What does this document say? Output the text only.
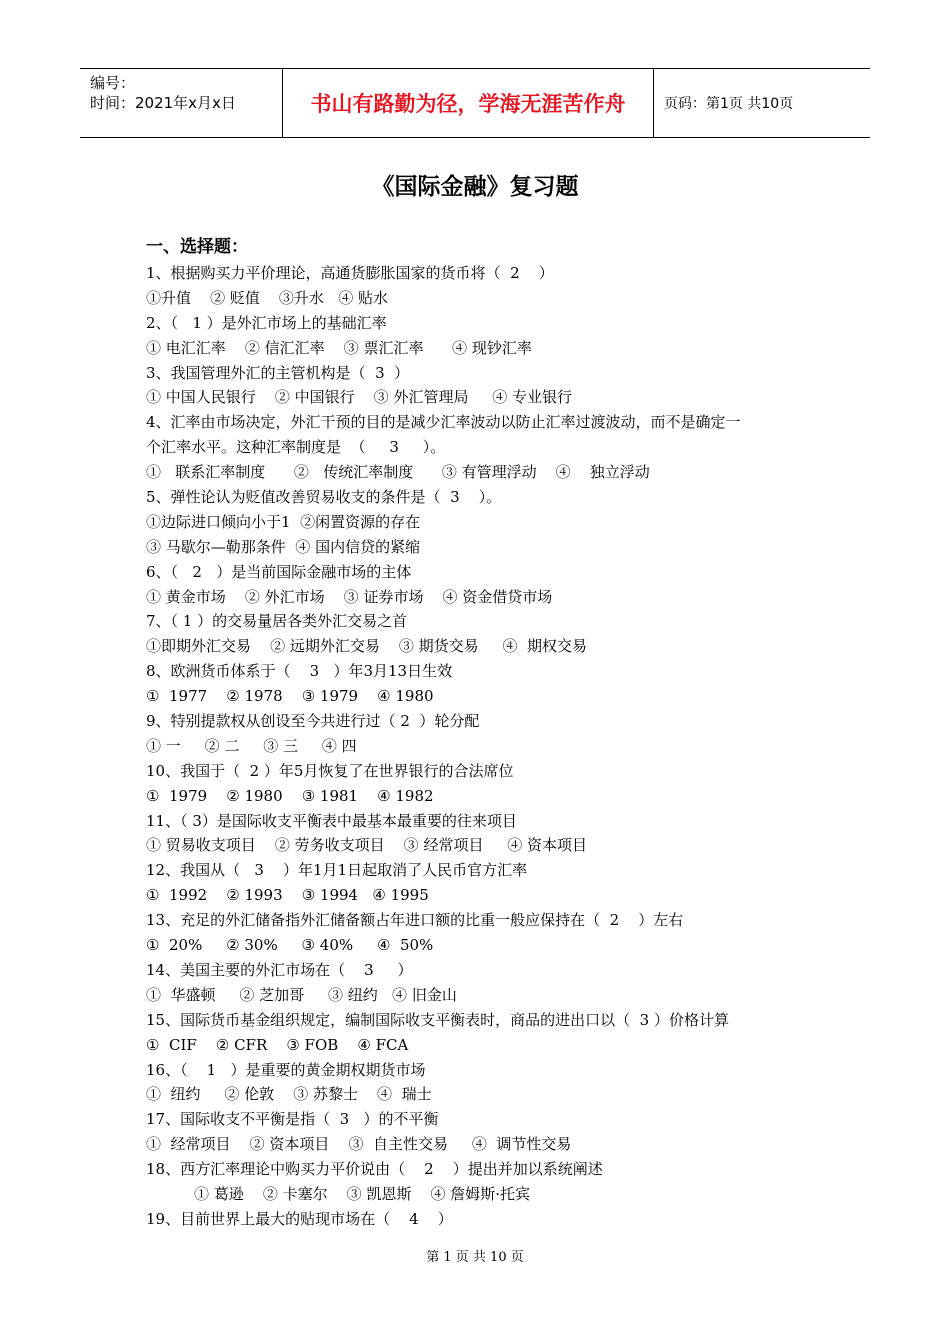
编号：
时间：2021年x月x日	书山有路勤为径，学海无涯苦作舟	页码：第1页 共10页
《国际金融》复习题
一、选择题：
1、根据购买力平价理论，高通货膨胀国家的货币将（  2    ）
①升值    ② 贬值    ③升水   ④ 贴水
2、（   1 ）是外汇市场上的基础汇率
① 电汇汇率    ② 信汇汇率    ③ 票汇汇率      ④ 现钞汇率
3、我国管理外汇的主管机构是（  3  ）
① 中国人民银行    ② 中国银行    ③ 外汇管理局     ④ 专业银行
4、汇率由市场决定，外汇干预的目的是减少汇率波动以防止汇率过渡波动，而不是确定一
个汇率水平。这种汇率制度是  （     3     ）。
①   联系汇率制度      ②   传统汇率制度      ③ 有管理浮动    ④    独立浮动
5、弹性论认为贬值改善贸易收支的条件是（  3    ）。
①边际进口倾向小于1  ②闲置资源的存在
③ 马歇尔—勒那条件  ④ 国内信贷的紧缩
6、（   2   ）是当前国际金融市场的主体
① 黄金市场    ② 外汇市场    ③ 证券市场    ④ 资金借贷市场
7、（ 1 ）的交易量居各类外汇交易之首
①即期外汇交易    ② 远期外汇交易    ③ 期货交易     ④  期权交易
8、欧洲货币体系于（    3   ）年3月13日生效
①  1977    ② 1978    ③ 1979    ④ 1980
9、特别提款权从创设至今共进行过（ 2  ）轮分配
① 一     ② 二     ③ 三     ④ 四
10、我国于（  2 ）年5月恢复了在世界银行的合法席位
①  1979    ② 1980    ③ 1981    ④ 1982
11、（ 3）是国际收支平衡表中最基本最重要的往来项目
① 贸易收支项目    ② 劳务收支项目    ③ 经常项目     ④ 资本项目
12、我国从（   3    ）年1月1日起取消了人民币官方汇率
①  1992    ② 1993    ③ 1994   ④ 1995
13、充足的外汇储备指外汇储备额占年进口额的比重一般应保持在（  2    ）左右
①  20%     ② 30%     ③ 40%     ④  50%
14、美国主要的外汇市场在（    3     ）
①  华盛顿     ② 芝加哥     ③ 纽约   ④ 旧金山
15、国际货币基金组织规定，编制国际收支平衡表时，商品的进出口以（  3 ）价格计算
①  CIF    ② CFR    ③ FOB    ④ FCA
16、（    1   ）是重要的黄金期权期货市场
①  纽约     ② 伦敦    ③ 苏黎士    ④  瑞士
17、国际收支不平衡是指（  3   ）的不平衡
①  经常项目    ② 资本项目    ③  自主性交易     ④  调节性交易
18、西方汇率理论中购买力平价说由（    2    ）提出并加以系统阐述
① 葛逊    ② 卡塞尔    ③ 凯恩斯    ④ 詹姆斯·托宾
19、目前世界上最大的贴现市场在（    4    ）
第 1 页 共 10 页
